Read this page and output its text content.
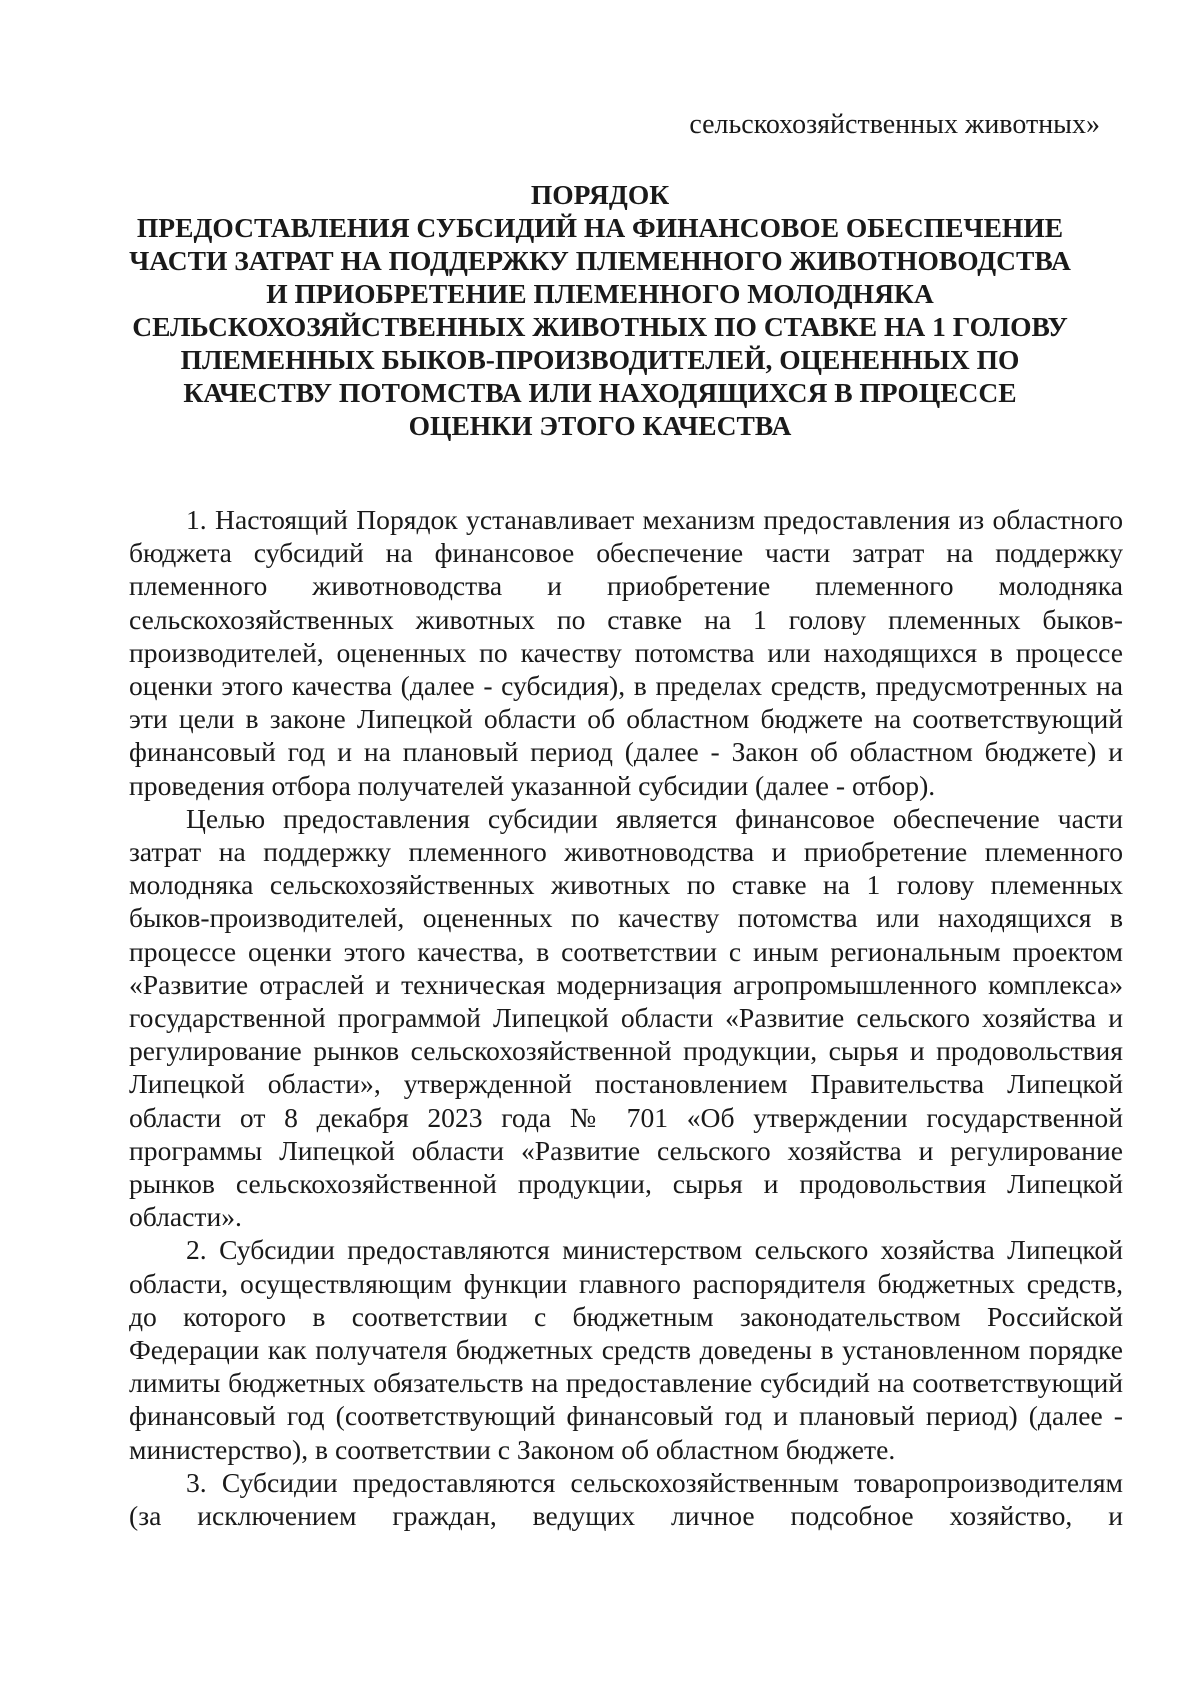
сельскохозяйственных животных»
ПОРЯДОК
ПРЕДОСТАВЛЕНИЯ СУБСИДИЙ НА ФИНАНСОВОЕ ОБЕСПЕЧЕНИЕ
ЧАСТИ ЗАТРАТ НА ПОДДЕРЖКУ ПЛЕМЕННОГО ЖИВОТНОВОДСТВА
И ПРИОБРЕТЕНИЕ ПЛЕМЕННОГО МОЛОДНЯКА
СЕЛЬСКОХОЗЯЙСТВЕННЫХ ЖИВОТНЫХ ПО СТАВКЕ НА 1 ГОЛОВУ
ПЛЕМЕННЫХ БЫКОВ-ПРОИЗВОДИТЕЛЕЙ, ОЦЕНЕННЫХ ПО
КАЧЕСТВУ ПОТОМСТВА ИЛИ НАХОДЯЩИХСЯ В ПРОЦЕССЕ
ОЦЕНКИ ЭТОГО КАЧЕСТВА

1. Настоящий Порядок устанавливает механизм предоставления из областного бюджета субсидий на финансовое обеспечение части затрат на поддержку племенного животноводства и приобретение племенного молодняка сельскохозяйственных животных по ставке на 1 голову племенных быков-производителей, оцененных по качеству потомства или находящихся в процессе оценки этого качества (далее - субсидия), в пределах средств, предусмотренных на эти цели в законе Липецкой области об областном бюджете на соответствующий финансовый год и на плановый период (далее - Закон об областном бюджете) и проведения отбора получателей указанной субсидии (далее - отбор).

Целью предоставления субсидии является финансовое обеспечение части затрат на поддержку племенного животноводства и приобретение племенного молодняка сельскохозяйственных животных по ставке на 1 голову племенных быков-производителей, оцененных по качеству потомства или находящихся в процессе оценки этого качества, в соответствии с иным региональным проектом «Развитие отраслей и техническая модернизация агропромышленного комплекса» государственной программой Липецкой области «Развитие сельского хозяйства и регулирование рынков сельскохозяйственной продукции, сырья и продовольствия Липецкой области», утвержденной постановлением Правительства Липецкой области от 8 декабря 2023 года № 701 «Об утверждении государственной программы Липецкой области «Развитие сельского хозяйства и регулирование рынков сельскохозяйственной продукции, сырья и продовольствия Липецкой области».

2. Субсидии предоставляются министерством сельского хозяйства Липецкой области, осуществляющим функции главного распорядителя бюджетных средств, до которого в соответствии с бюджетным законодательством Российской Федерации как получателя бюджетных средств доведены в установленном порядке лимиты бюджетных обязательств на предоставление субсидий на соответствующий финансовый год (соответствующий финансовый год и плановый период) (далее - министерство), в соответствии с Законом об областном бюджете.

3. Субсидии предоставляются сельскохозяйственным товаропроизводителям (за исключением граждан, ведущих личное подсобное хозяйство, и
